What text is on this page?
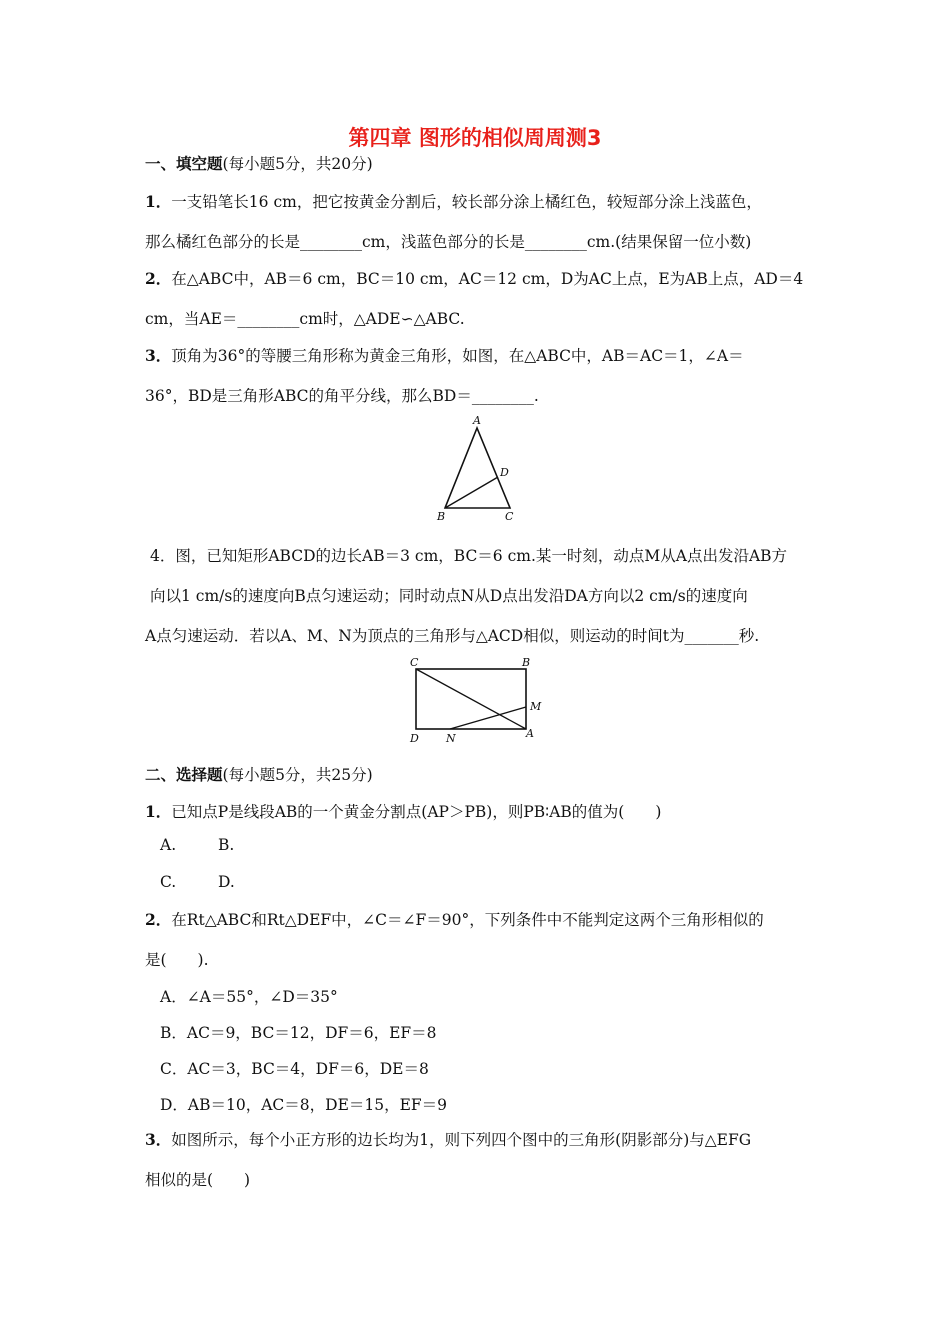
第四章 图形的相似周周测3
一、填空题(每小题5分，共20分)
1．一支铅笔长16 cm，把它按黄金分割后，较长部分涂上橘红色，较短部分涂上浅蓝色，
那么橘红色部分的长是________cm，浅蓝色部分的长是________cm.(结果保留一位小数)
2．在△ABC中，AB＝6 cm，BC＝10 cm，AC＝12 cm，D为AC上点，E为AB上点，AD＝4
cm，当AE＝________cm时，△ADE∽△ABC.
3．顶角为36°的等腰三角形称为黄金三角形，如图，在△ABC中，AB＝AC＝1，∠A＝
36°，BD是三角形ABC的角平分线，那么BD＝________.
A
D
B	C
4．图，已知矩形ABCD的边长AB＝3 cm，BC＝6 cm.某一时刻，动点M从A点出发沿AB方
向以1 cm/s的速度向B点匀速运动；同时动点N从D点出发沿DA方向以2 cm/s的速度向
A点匀速运动．若以A、M、N为顶点的三角形与△ACD相似，则运动的时间t为_______秒.
C	B
M
D N	A
二、选择题(每小题5分，共25分)
1．已知点P是线段AB的一个黄金分割点(AP＞PB)，则PB∶AB的值为(　　)
A.	B.
C.	D.
2．在Rt△ABC和Rt△DEF中，∠C＝∠F＝90°，下列条件中不能判定这两个三角形相似的
是(　　).
A．∠A＝55°，∠D＝35°
B．AC＝9，BC＝12，DF＝6，EF＝8
C．AC＝3，BC＝4，DF＝6，DE＝8
D．AB＝10，AC＝8，DE＝15，EF＝9
3．如图所示，每个小正方形的边长均为1，则下列四个图中的三角形(阴影部分)与△EFG
相似的是(　　)
